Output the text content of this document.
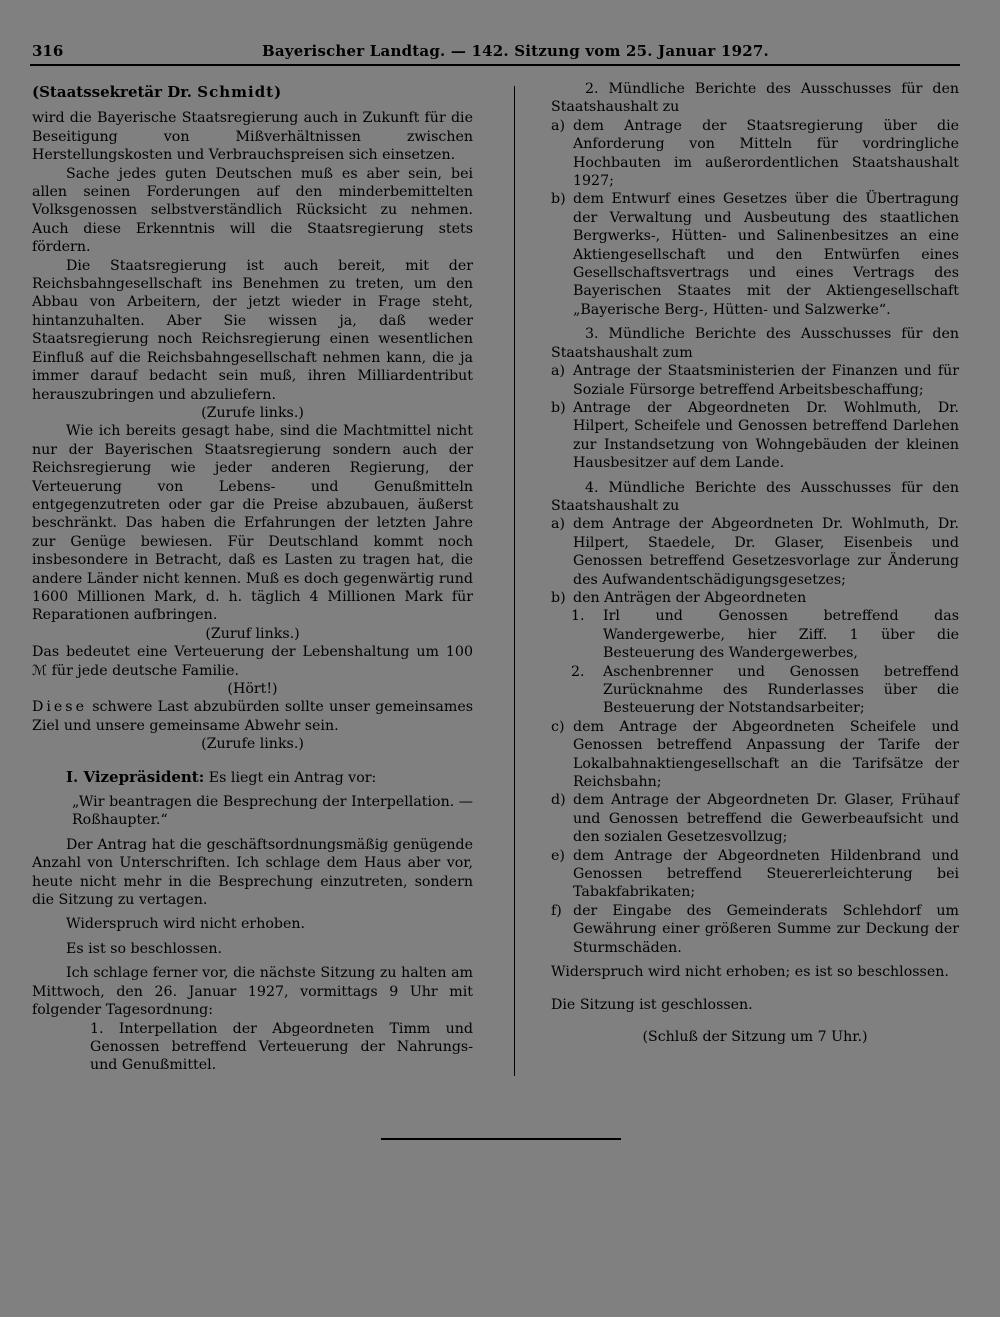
316	Bayerischer Landtag. — 142. Sitzung vom 25. Januar 1927.
(Staatssekretär Dr. Schmidt)

wird die Bayerische Staatsregierung auch in Zukunft für die Beseitigung von Mißverhältnissen zwischen Herstellungskosten und Verbrauchspreisen sich einsetzen.

Sache jedes guten Deutschen muß es aber sein, bei allen seinen Forderungen auf den minderbemittelten Volksgenossen selbstverständlich Rücksicht zu nehmen. Auch diese Erkenntnis will die Staatsregierung stets fördern.

Die Staatsregierung ist auch bereit, mit der Reichsbahngesellschaft ins Benehmen zu treten, um den Abbau von Arbeitern, der jetzt wieder in Frage steht, hintanzuhalten. Aber Sie wissen ja, daß weder Staatsregierung noch Reichsregierung einen wesentlichen Einfluß auf die Reichsbahngesellschaft nehmen kann, die ja immer darauf bedacht sein muß, ihren Milliardentribut herauszubringen und abzuliefern.

(Zurufe links.)

Wie ich bereits gesagt habe, sind die Machtmittel nicht nur der Bayerischen Staatsregierung sondern auch der Reichsregierung wie jeder anderen Regierung, der Verteuerung von Lebens- und Genußmitteln entgegenzutreten oder gar die Preise abzubauen, äußerst beschränkt. Das haben die Erfahrungen der letzten Jahre zur Genüge bewiesen. Für Deutschland kommt noch insbesondere in Betracht, daß es Lasten zu tragen hat, die andere Länder nicht kennen. Muß es doch gegenwärtig rund 1600 Millionen Mark, d. h. täglich 4 Millionen Mark für Reparationen aufbringen.

(Zuruf links.)

Das bedeutet eine Verteuerung der Lebenshaltung um 100 ℳ für jede deutsche Familie.

(Hört!)

Diese schwere Last abzubürden sollte unser gemeinsames Ziel und unsere gemeinsame Abwehr sein.

(Zurufe links.)

I. Vizepräsident: Es liegt ein Antrag vor:

„Wir beantragen die Besprechung der Interpellation. — Roßhaupter.“

Der Antrag hat die geschäftsordnungsmäßig genügende Anzahl von Unterschriften. Ich schlage dem Haus aber vor, heute nicht mehr in die Besprechung einzutreten, sondern die Sitzung zu vertagen.

Widerspruch wird nicht erhoben.

Es ist so beschlossen.

Ich schlage ferner vor, die nächste Sitzung zu halten am Mittwoch, den 26. Januar 1927, vormittags 9 Uhr mit folgender Tagesordnung:

1. Interpellation der Abgeordneten Timm und Genossen betreffend Verteuerung der Nahrungs- und Genußmittel.

2. Mündliche Berichte des Ausschusses für den Staatshaushalt zu

a) dem Antrage der Staatsregierung über die Anforderung von Mitteln für vordringliche Hochbauten im außerordentlichen Staatshaushalt 1927;
b) dem Entwurf eines Gesetzes über die Übertragung der Verwaltung und Ausbeutung des staatlichen Bergwerks-, Hütten- und Salinenbesitzes an eine Aktiengesellschaft und den Entwürfen eines Gesellschaftsvertrags und eines Vertrags des Bayerischen Staates mit der Aktiengesellschaft „Bayerische Berg-, Hütten- und Salzwerke“.

3. Mündliche Berichte des Ausschusses für den Staatshaushalt zum

a) Antrage der Staatsministerien der Finanzen und für Soziale Fürsorge betreffend Arbeitsbeschaffung;
b) Antrage der Abgeordneten Dr. Wohlmuth, Dr. Hilpert, Scheifele und Genossen betreffend Darlehen zur Instandsetzung von Wohngebäuden der kleinen Hausbesitzer auf dem Lande.

4. Mündliche Berichte des Ausschusses für den Staatshaushalt zu

a) dem Antrage der Abgeordneten Dr. Wohlmuth, Dr. Hilpert, Staedele, Dr. Glaser, Eisenbeis und Genossen betreffend Gesetzesvorlage zur Änderung des Aufwandentschädigungsgesetzes;
b) den Anträgen der Abgeordneten
1.	Irl und Genossen betreffend das Wandergewerbe, hier Ziff. 1 über die Besteuerung des Wandergewerbes,
2.	Aschenbrenner und Genossen betreffend Zurücknahme des Runderlasses über die Besteuerung der Notstandsarbeiter;
c) dem Antrage der Abgeordneten Scheifele und Genossen betreffend Anpassung der Tarife der Lokalbahnaktiengesellschaft an die Tarifsätze der Reichsbahn;
d) dem Antrage der Abgeordneten Dr. Glaser, Frühauf und Genossen betreffend die Gewerbeaufsicht und den sozialen Gesetzesvollzug;
e) dem Antrage der Abgeordneten Hildenbrand und Genossen betreffend Steuererleichterung bei Tabakfabrikaten;
f) der Eingabe des Gemeinderats Schlehdorf um Gewährung einer größeren Summe zur Deckung der Sturmschäden.

Widerspruch wird nicht erhoben; es ist so beschlossen.

Die Sitzung ist geschlossen.

(Schluß der Sitzung um 7 Uhr.)
